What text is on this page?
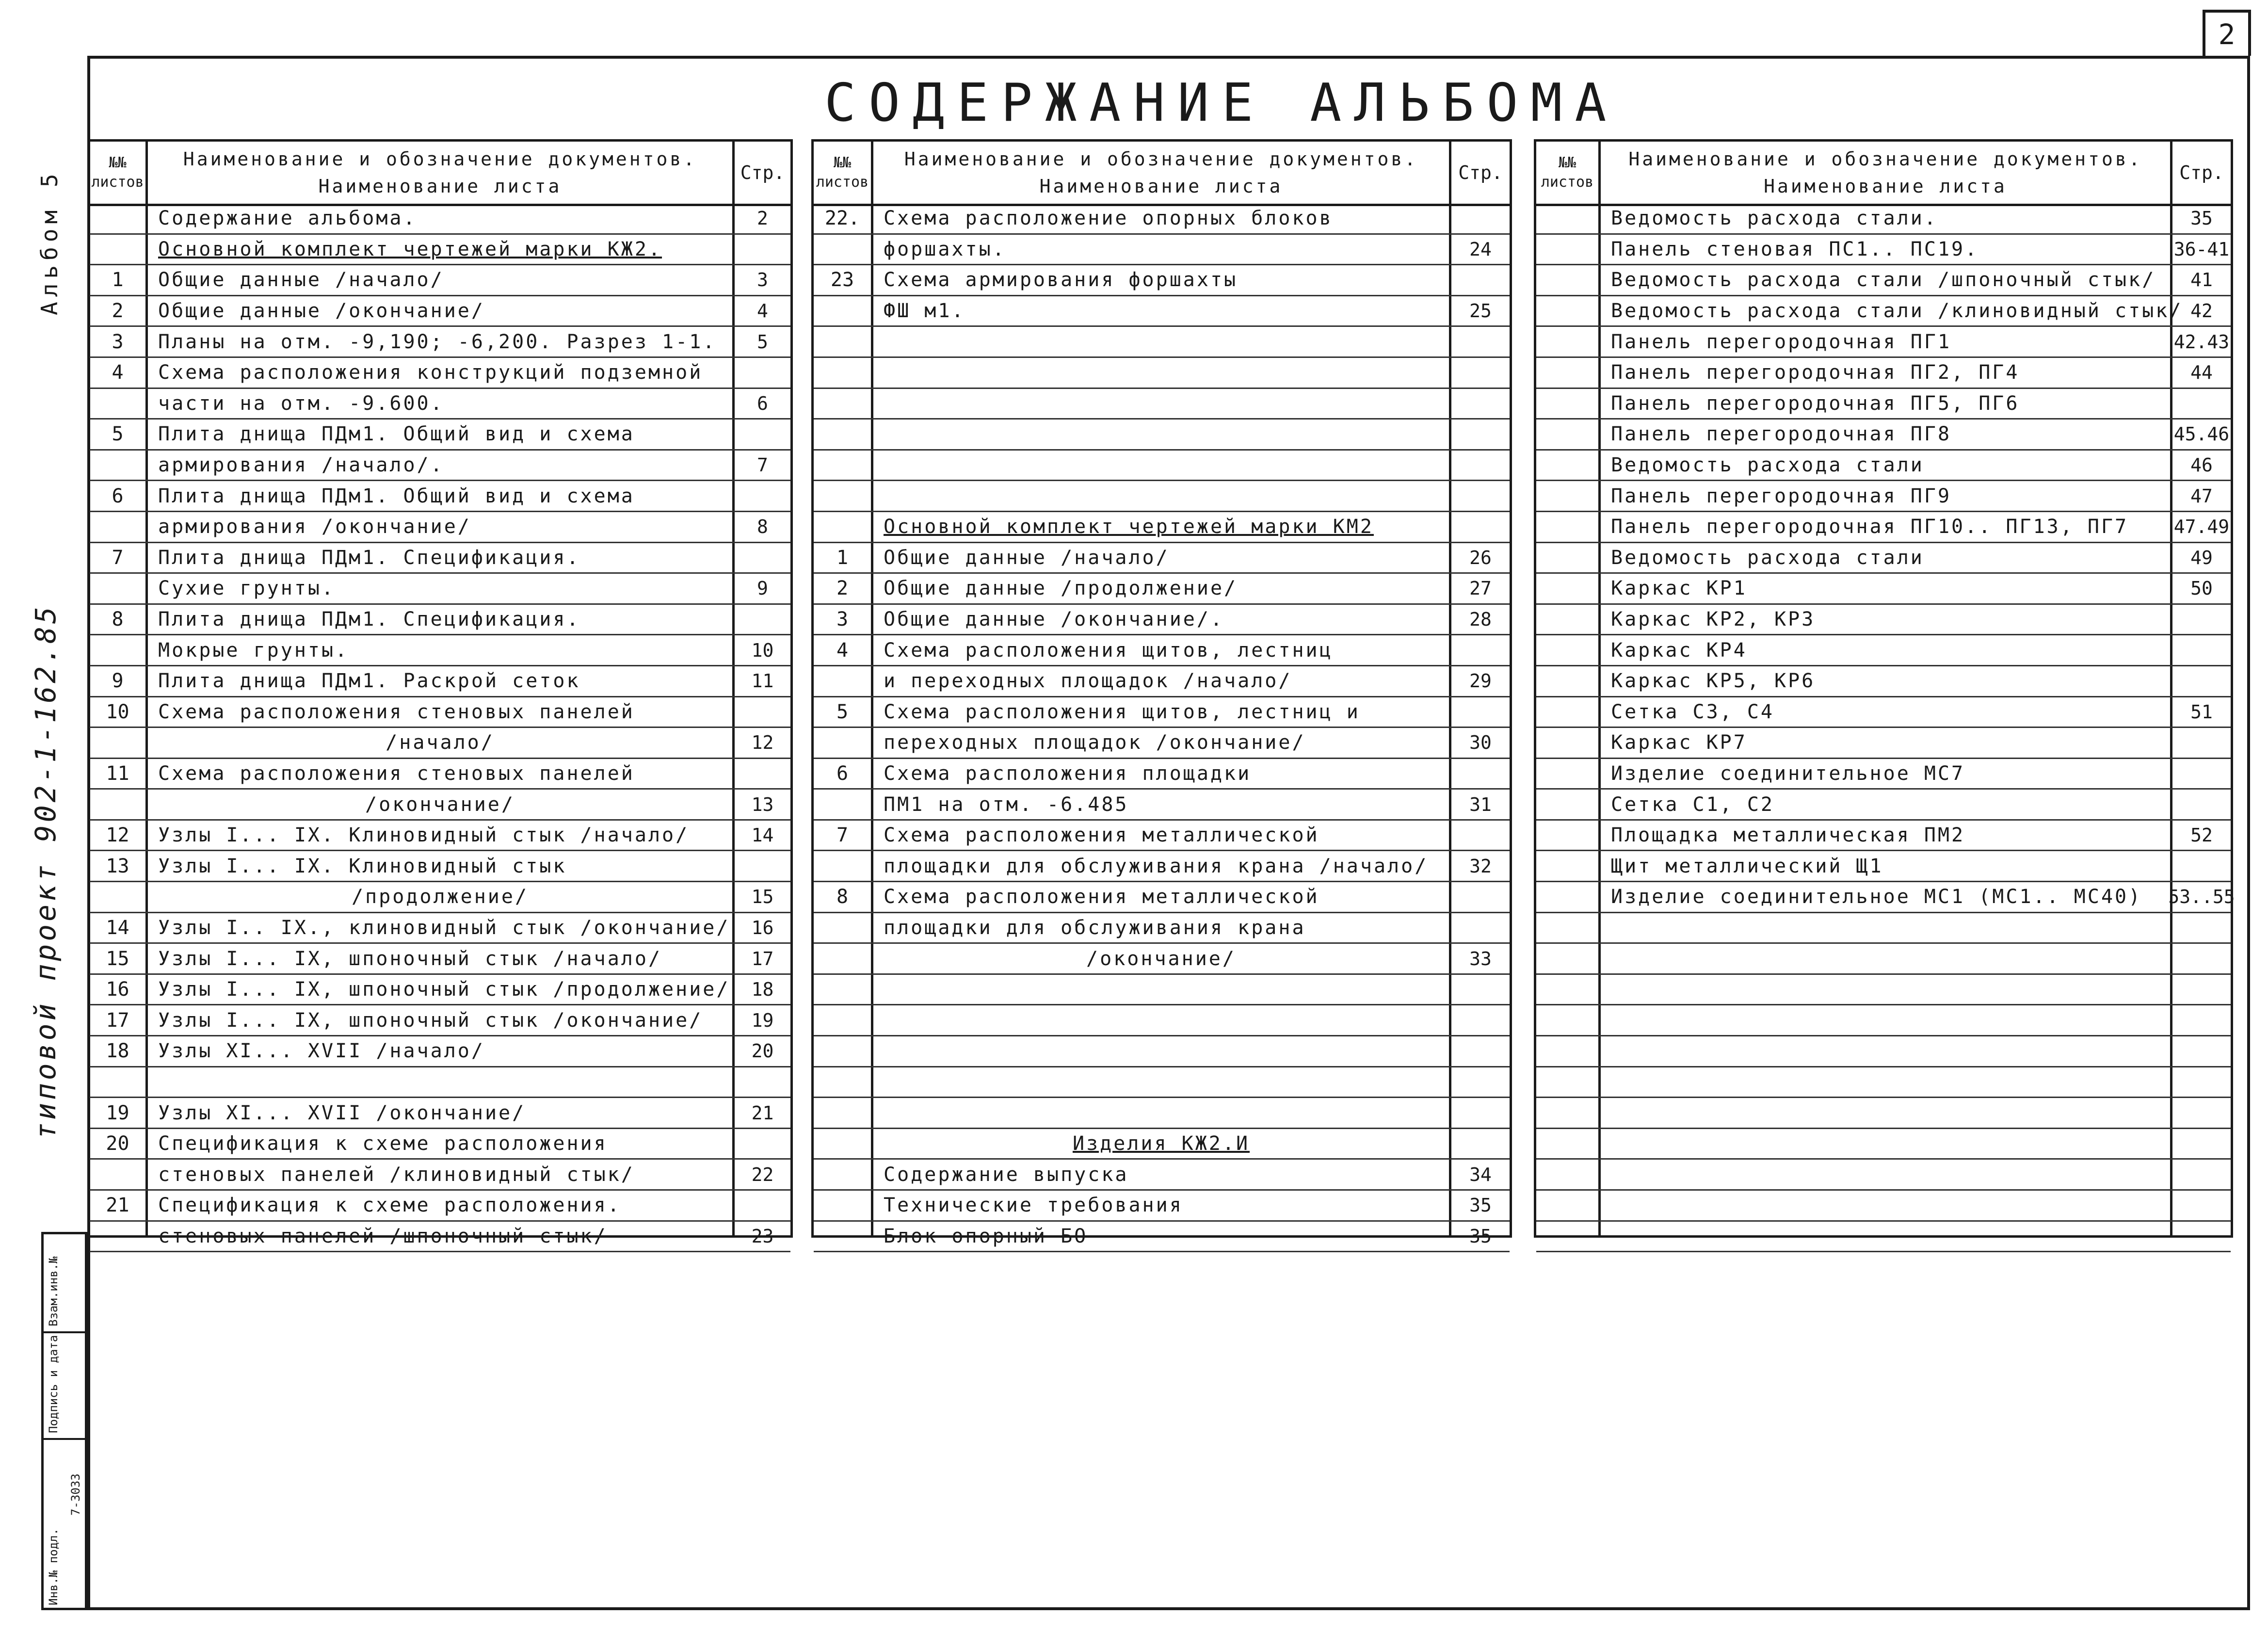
2
СОДЕРЖАНИЕ АЛЬБОМА
Альбом 5
типовой проект 902-1-162.85
Взам.инв.№
Подпись и дата
Инв.№ подл.
7-3033
№№
листов
Наименование и обозначение документов.
Наименование листа
Стр.
Содержание альбома.	2
Основной комплект чертежей марки КЖ2.
1	Общие данные /начало/	3
2	Общие данные /окончание/	4
3	Планы на отм. -9,190; -6,200. Разрез 1-1.	5
4	Схема расположения конструкций подземной
части на отм. -9.600.	6
5	Плита днища ПДм1. Общий вид и схема
армирования /начало/.	7
6	Плита днища ПДм1. Общий вид и схема
армирования /окончание/	8
7	Плита днища ПДм1. Спецификация.
Сухие грунты.	9
8	Плита днища ПДм1. Спецификация.
Мокрые грунты.	10
9	Плита днища ПДм1. Раскрой сеток	11
10	Схема расположения стеновых панелей
/начало/	12
11	Схема расположения стеновых панелей
/окончание/	13
12	Узлы I... IX. Клиновидный стык /начало/	14
13	Узлы I... IX. Клиновидный стык
/продолжение/	15
14	Узлы I.. IX., клиновидный стык /окончание/	16
15	Узлы I... IX, шпоночный стык /начало/	17
16	Узлы I... IX, шпоночный стык /продолжение/	18
17	Узлы I... IX, шпоночный стык /окончание/	19
18	Узлы XI... XVII /начало/	20
19	Узлы XI... XVII /окончание/	21
20	Спецификация к схеме расположения
стеновых панелей /клиновидный стык/	22
21	Спецификация к схеме расположения.
стеновых панелей /шпоночный стык/	23
№№
листов
Наименование и обозначение документов.
Наименование листа
Стр.
22.	Схема расположение опорных блоков
форшахты.	24
23	Схема армирования форшахты
ФШ м1.	25
Основной комплект чертежей марки КМ2
1	Общие данные /начало/	26
2	Общие данные /продолжение/	27
3	Общие данные /окончание/.	28
4	Схема расположения щитов, лестниц
и переходных площадок /начало/	29
5	Схема расположения щитов, лестниц и
переходных площадок /окончание/	30
6	Схема расположения площадки
ПМ1 на отм. -6.485	31
7	Схема расположения металлической
площадки для обслуживания крана /начало/	32
8	Схема расположения металлической
площадки для обслуживания крана
/окончание/	33
Изделия КЖ2.И
Содержание выпуска	34
Технические требования	35
Блок опорный БО	35
№№
листов
Наименование и обозначение документов.
Наименование листа
Стр.
Ведомость расхода стали.	35
Панель стеновая ПС1.. ПС19.	36-41
Ведомость расхода стали /шпоночный стык/	41
Ведомость расхода стали /клиновидный стык/ 42
Панель перегородочная ПГ1	42.43
Панель перегородочная ПГ2, ПГ4	44
Панель перегородочная ПГ5, ПГ6
Панель перегородочная ПГ8	45.46
Ведомость расхода стали	46
Панель перегородочная ПГ9	47
Панель перегородочная ПГ10.. ПГ13, ПГ7	47.49
Ведомость расхода стали	49
Каркас КР1	50
Каркас КР2, КР3
Каркас КР4
Каркас КР5, КР6
Сетка С3, С4	51
Каркас КР7
Изделие соединительное МС7
Сетка С1, С2
Площадка металлическая ПМ2	52
Щит металлический Щ1
Изделие соединительное МС1 (МС1.. МС40)	53..55
